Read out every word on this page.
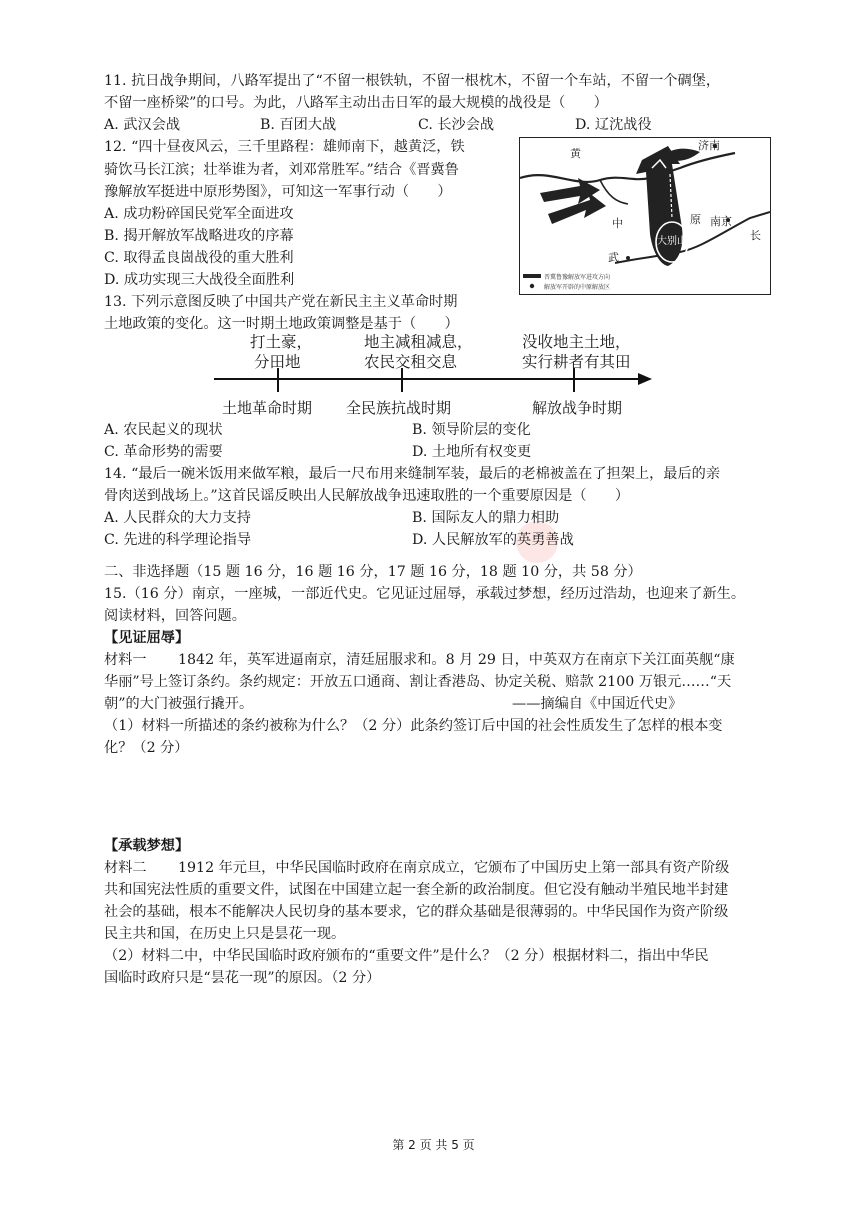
11. 抗日战争期间，八路军提出了“不留一根铁轨，不留一根枕木，不留一个车站，不留一个碉堡，
不留一座桥梁”的口号。为此，八路军主动出击日军的最大规模的战役是（　　）
A. 武汉会战	B. 百团大战	C. 长沙会战	D. 辽沈战役
12. “四十昼夜风云，三千里路程：雄师南下，越黄泛，铁
骑饮马长江滨；壮举谁为者，刘邓常胜军。”结合《晋冀鲁
豫解放军挺进中原形势图》，可知这一军事行动（　　）
A. 成功粉碎国民党军全面进攻
B. 揭开解放军战略进攻的序幕
C. 取得孟良崮战役的重大胜利
D. 成功实现三大战役全面胜利
济南
黄
河
梁山
集
南京
长
中	原
武
大别山
晋冀鲁豫解放军进攻方向
解放军开辟的中原解放区
13. 下列示意图反映了中国共产党在新民主主义革命时期
土地政策的变化。这一时期土地政策调整是基于（　　）
打土豪，
分田地
地主减租减息，
农民交租交息
没收地主土地，
实行耕者有其田
土地革命时期 全民族抗战时期	解放战争时期
A. 农民起义的现状	B. 领导阶层的变化
C. 革命形势的需要	D. 土地所有权变更
14. “最后一碗米饭用来做军粮，最后一尺布用来缝制军装，最后的老棉被盖在了担架上，最后的亲
骨肉送到战场上。”这首民谣反映出人民解放战争迅速取胜的一个重要原因是（　　）
A. 人民群众的大力支持	B. 国际友人的鼎力相助
C. 先进的科学理论指导	D. 人民解放军的英勇善战
二、非选择题（15 题 16 分，16 题 16 分，17 题 16 分，18 题 10 分，共 58 分）
15.（16 分）南京，一座城，一部近代史。它见证过屈辱，承载过梦想，经历过浩劫，也迎来了新生。
阅读材料，回答问题。
【见证屈辱】
材料一 1842 年，英军进逼南京，清廷屈服求和。8 月 29 日，中英双方在南京下关江面英舰“康
华丽”号上签订条约。条约规定：开放五口通商、割让香港岛、协定关税、赔款 2100 万银元……“天
朝”的大门被强行撬开。	——摘编自《中国近代史》
（1）材料一所描述的条约被称为什么？（2 分）此条约签订后中国的社会性质发生了怎样的根本变
化？（2 分）
【承载梦想】
材料二 1912 年元旦，中华民国临时政府在南京成立，它颁布了中国历史上第一部具有资产阶级
共和国宪法性质的重要文件，试图在中国建立起一套全新的政治制度。但它没有触动半殖民地半封建
社会的基础，根本不能解决人民切身的基本要求，它的群众基础是很薄弱的。中华民国作为资产阶级
民主共和国，在历史上只是昙花一现。
（2）材料二中，中华民国临时政府颁布的“重要文件”是什么？（2 分）根据材料二，指出中华民
国临时政府只是“昙花一现”的原因。（2 分）
第 2 页 共 5 页
